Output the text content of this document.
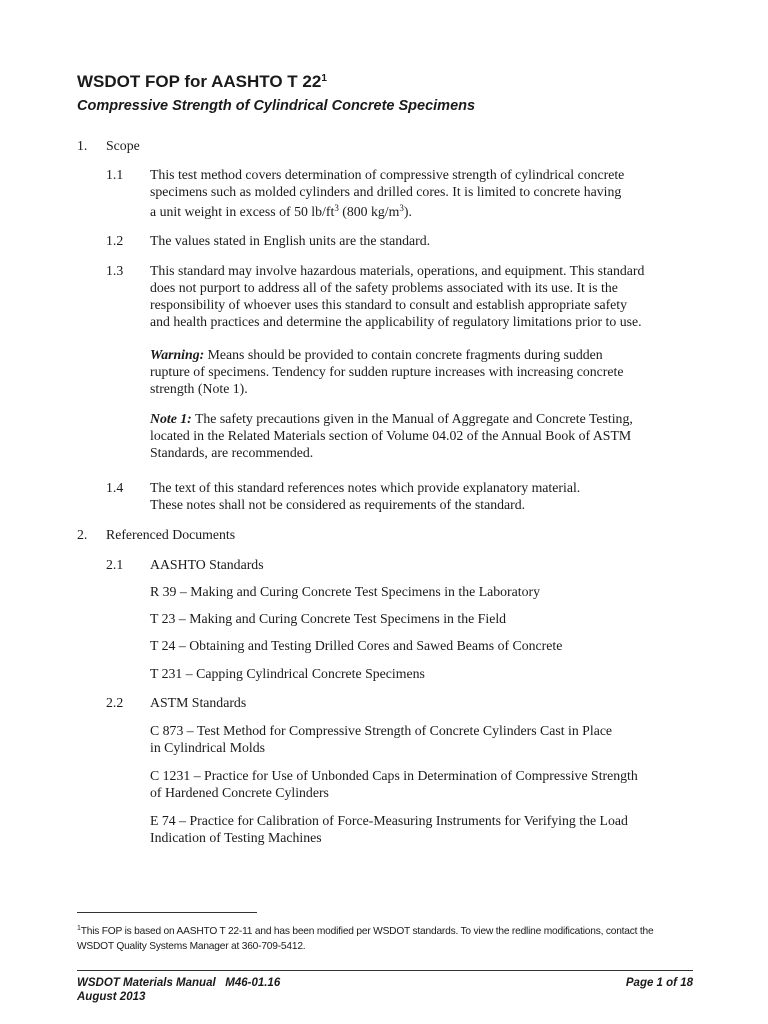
WSDOT FOP for AASHTO T $22^1$
Compressive Strength of Cylindrical Concrete Specimens
1. Scope
1.1 This test method covers determination of compressive strength of cylindrical concrete
specimens such as molded cylinders and drilled cores. It is limited to concrete having
a unit weight in excess of 50 $lb/ft^3$ (800 $kg/m^3$).
1.2 The values stated in English units are the standard.
1.3 This standard may involve hazardous materials, operations, and equipment. This standard
does not purport to address all of the safety problems associated with its use. It is the
responsibility of whoever uses this standard to consult and establish appropriate safety
and health practices and determine the applicability of regulatory limitations prior to use.
Warning: Means should be provided to contain concrete fragments during sudden
rupture of specimens. Tendency for sudden rupture increases with increasing concrete
strength (Note 1).
Note 1: The safety precautions given in the Manual of Aggregate and Concrete Testing,
located in the Related Materials section of Volume 04.02 of the Annual Book of ASTM
Standards, are recommended.
1.4 The text of this standard references notes which provide explanatory material.
These notes shall not be considered as requirements of the standard.
2. Referenced Documents
2.1 AASHTO Standards
R 39 – Making and Curing Concrete Test Specimens in the Laboratory
T 23 – Making and Curing Concrete Test Specimens in the Field
T 24 – Obtaining and Testing Drilled Cores and Sawed Beams of Concrete
T 231 – Capping Cylindrical Concrete Specimens
2.2 ASTM Standards
C 873 – Test Method for Compressive Strength of Concrete Cylinders Cast in Place
in Cylindrical Molds
C 1231 – Practice for Use of Unbonded Caps in Determination of Compressive Strength
of Hardened Concrete Cylinders
E 74 – Practice for Calibration of Force-Measuring Instruments for Verifying the Load
Indication of Testing Machines
$^1$This FOP is based on AASHTO T 22-11 and has been modified per WSDOT standards. To view the redline modifications, contact the
WSDOT Quality Systems Manager at 360-709-5412.
WSDOT Materials Manual   M46-01.16
August 2013
Page 1 of 18
